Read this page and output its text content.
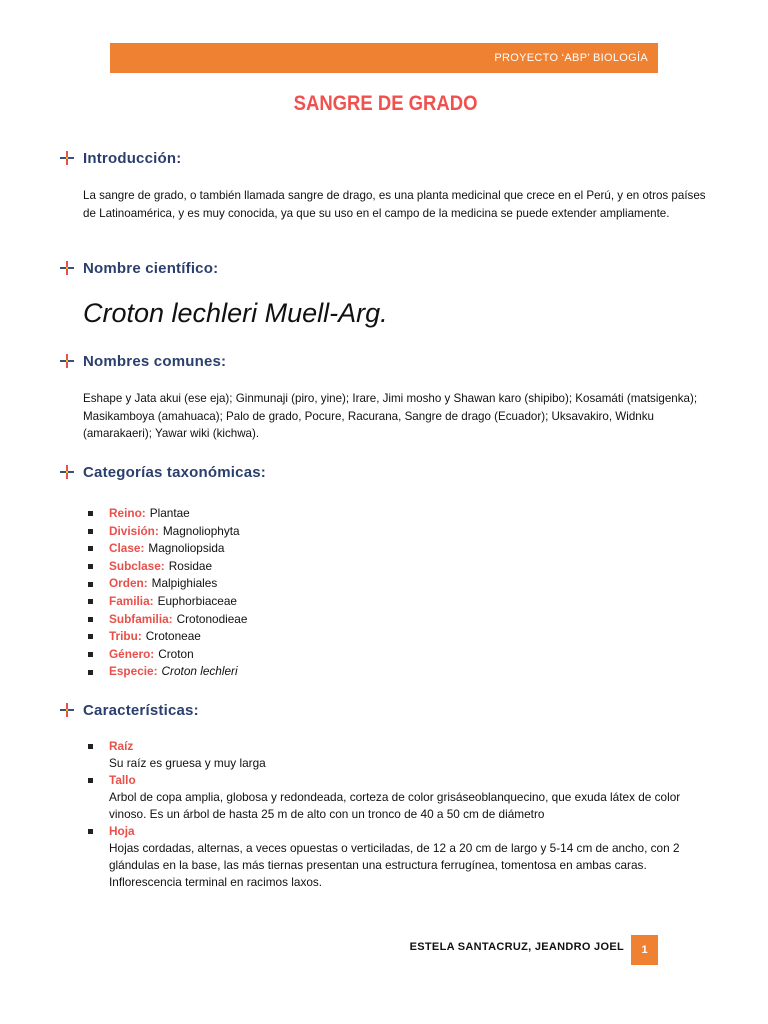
PROYECTO ‘ABP’ BIOLOGÍA
SANGRE DE GRADO
Introducción:
La sangre de grado, o también llamada sangre de drago, es una planta medicinal que crece en el Perú, y en otros países de Latinoamérica, y es muy conocida, ya que su uso en el campo de la medicina se puede extender ampliamente.
Nombre científico:
Croton lechleri Muell-Arg.
Nombres comunes:
Eshape y Jata akui (ese eja); Ginmunaji (piro, yine); Irare, Jimi mosho y Shawan karo (shipibo); Kosamáti (matsigenka); Masikamboya (amahuaca); Palo de grado, Pocure, Racurana, Sangre de drago (Ecuador); Uksavakiro, Widnku (amarakaeri); Yawar wiki (kichwa).
Categorías taxonómicas:
Reino: Plantae
División: Magnoliophyta
Clase: Magnoliopsida
Subclase: Rosidae
Orden: Malpighiales
Familia: Euphorbiaceae
Subfamilia: Crotonodieae
Tribu: Crotoneae
Género: Croton
Especie: Croton lechleri
Características:
Raíz
Su raíz es gruesa y muy larga
Tallo
Arbol de copa amplia, globosa y redondeada, corteza de color grisáseoblanquecino, que exuda látex de color vinoso. Es un árbol de hasta 25 m de alto con un tronco de 40 a 50 cm de diámetro
Hoja
Hojas cordadas, alternas, a veces opuestas o verticiladas, de 12 a 20 cm de largo y 5-14 cm de ancho, con 2 glándulas en la base, las más tiernas presentan una estructura ferrugínea, tomentosa en ambas caras. Inflorescencia terminal en racimos laxos.
ESTELA SANTACRUZ, JEANDRO JOEL	1
